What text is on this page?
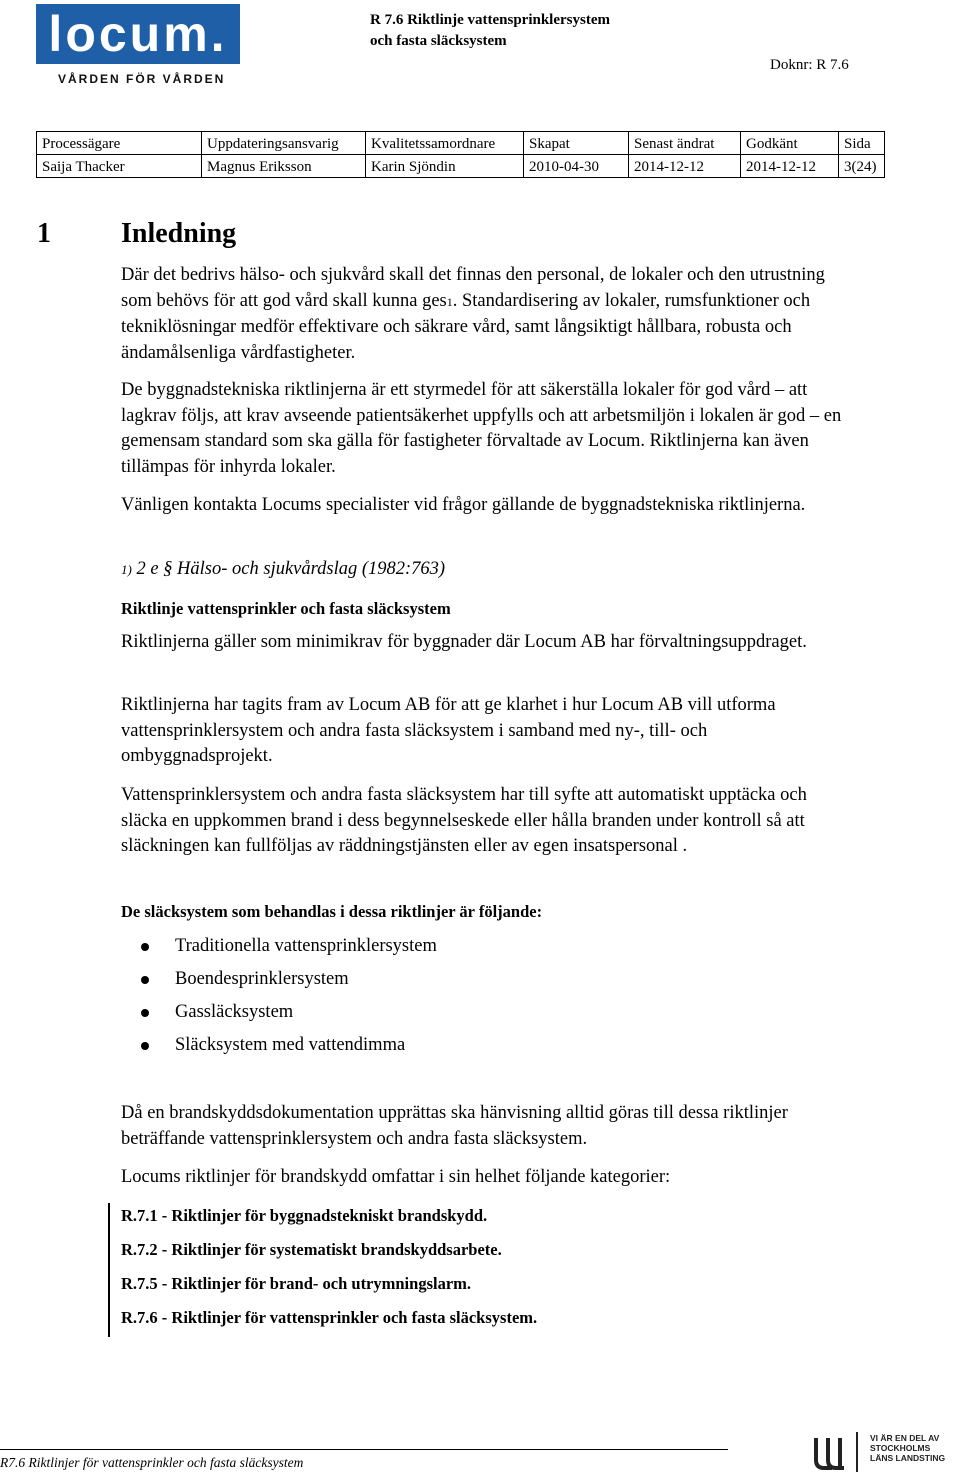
locum.
VÅRDEN FÖR VÅRDEN
R 7.6 Riktlinje vattensprinklersystem
och fasta släcksystem
Doknr: R 7.6
Processägare	Uppdateringsansvarig	Kvalitetssamordnare	Skapat	Senast ändrat	Godkänt	Sida
Saija Thacker	Magnus Eriksson	Karin Sjöndin	2010-04-30	2014-12-12	2014-12-12	3(24)
1	Inledning

Där det bedrivs hälso- och sjukvård skall det finnas den personal, de lokaler och den utrustning som behövs för att god vård skall kunna ges1. Standardisering av lokaler, rumsfunktioner och tekniklösningar medför effektivare och säkrare vård, samt långsiktigt hållbara, robusta och ändamålsenliga vårdfastigheter.

De byggnadstekniska riktlinjerna är ett styrmedel för att säkerställa lokaler för god vård – att lagkrav följs, att krav avseende patientsäkerhet uppfylls och att arbetsmiljön i lokalen är god – en gemensam standard som ska gälla för fastigheter förvaltade av Locum. Riktlinjerna kan även tillämpas för inhyrda lokaler.
Vänligen kontakta Locums specialister vid frågor gällande de byggnadstekniska riktlinjerna.
1) 2 e § Hälso- och sjukvårdslag (1982:763)
Riktlinje vattensprinkler och fasta släcksystem
Riktlinjerna gäller som minimikrav för byggnader där Locum AB har förvaltningsuppdraget.
Riktlinjerna har tagits fram av Locum AB för att ge klarhet i hur Locum AB vill utforma vattensprinklersystem och andra fasta släcksystem i samband med ny-, till- och ombyggnadsprojekt.
Vattensprinklersystem och andra fasta släcksystem har till syfte att automatiskt upptäcka och släcka en uppkommen brand i dess begynnelseskede eller hålla branden under kontroll så att släckningen kan fullföljas av räddningstjänsten eller av egen insatspersonal .
De släcksystem som behandlas i dessa riktlinjer är följande:
Traditionella vattensprinklersystem
Boendesprinklersystem
Gassläcksystem
Släcksystem med vattendimma
Då en brandskyddsdokumentation upprättas ska hänvisning alltid göras till dessa riktlinjer beträffande vattensprinklersystem och andra fasta släcksystem.
Locums riktlinjer för brandskydd omfattar i sin helhet följande kategorier:
R.7.1 - Riktlinjer för byggnadstekniskt brandskydd.
R.7.2 - Riktlinjer för systematiskt brandskyddsarbete.
R.7.5 - Riktlinjer för brand- och utrymningslarm.
R.7.6 - Riktlinjer för vattensprinkler och fasta släcksystem.
R7.6 Riktlinjer för vattensprinkler och fasta släcksystem
VI ÄR EN DEL AV
STOCKHOLMS
LÄNS LANDSTING
